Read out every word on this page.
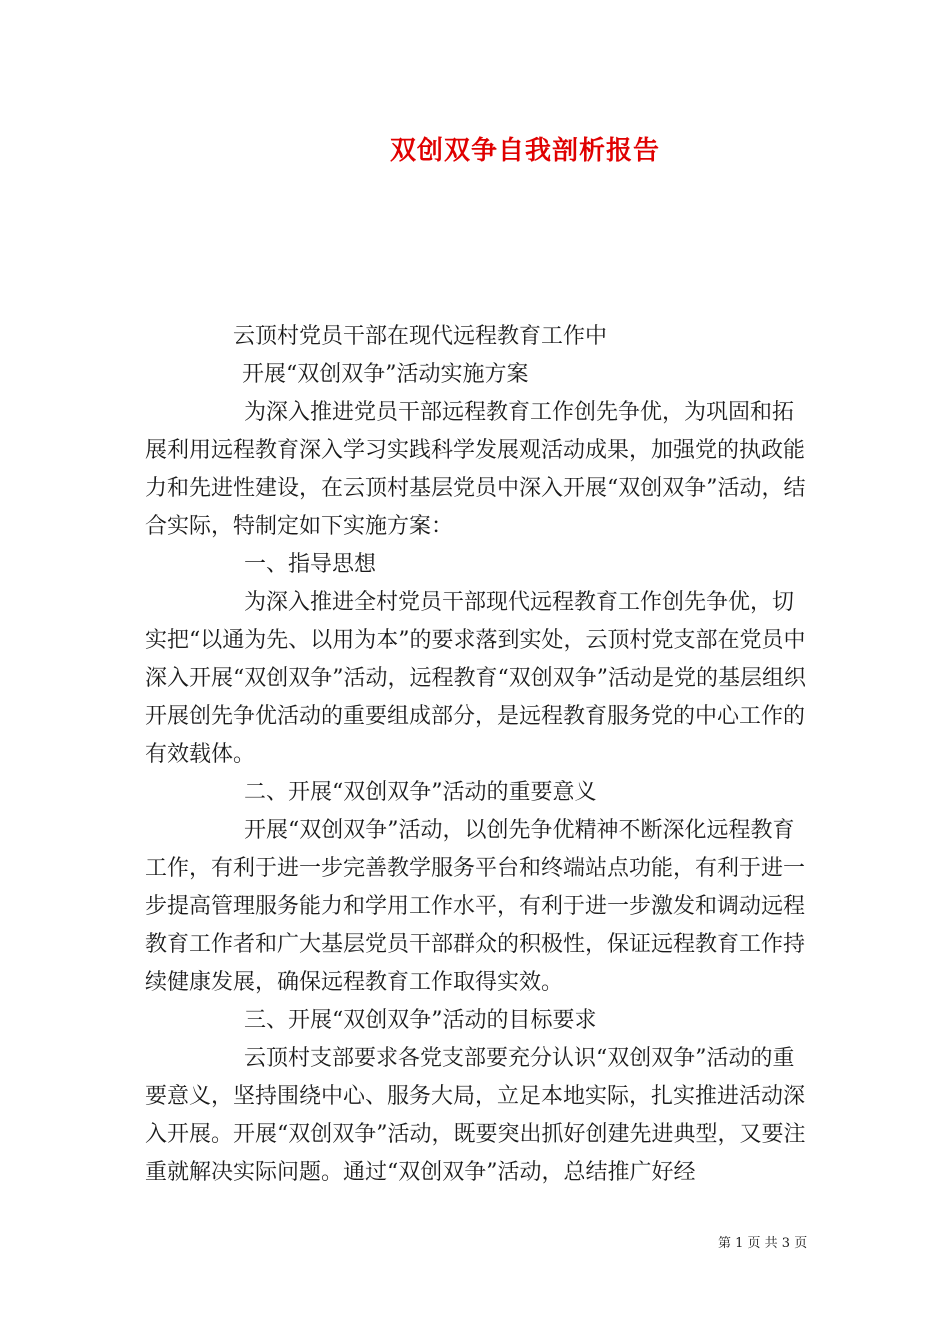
双创双争自我剖析报告

云顶村党员干部在现代远程教育工作中

开展“双创双争”活动实施方案

为深入推进党员干部远程教育工作创先争优，为巩固和拓展利用远程教育深入学习实践科学发展观活动成果，加强党的执政能力和先进性建设，在云顶村基层党员中深入开展“双创双争”活动，结合实际，特制定如下实施方案：

一、指导思想

为深入推进全村党员干部现代远程教育工作创先争优，切实把“以通为先、以用为本”的要求落到实处，云顶村党支部在党员中深入开展“双创双争”活动，远程教育“双创双争”活动是党的基层组织开展创先争优活动的重要组成部分，是远程教育服务党的中心工作的有效载体。

二、开展“双创双争”活动的重要意义

开展“双创双争”活动，以创先争优精神不断深化远程教育工作，有利于进一步完善教学服务平台和终端站点功能，有利于进一步提高管理服务能力和学用工作水平，有利于进一步激发和调动远程教育工作者和广大基层党员干部群众的积极性，保证远程教育工作持续健康发展，确保远程教育工作取得实效。

三、开展“双创双争”活动的目标要求

云顶村支部要求各党支部要充分认识“双创双争”活动的重要意义，坚持围绕中心、服务大局，立足本地实际，扎实推进活动深入开展。开展“双创双争”活动，既要突出抓好创建先进典型，又要注重就解决实际问题。通过“双创双争”活动，总结推广好经

第 1 页 共 3 页
